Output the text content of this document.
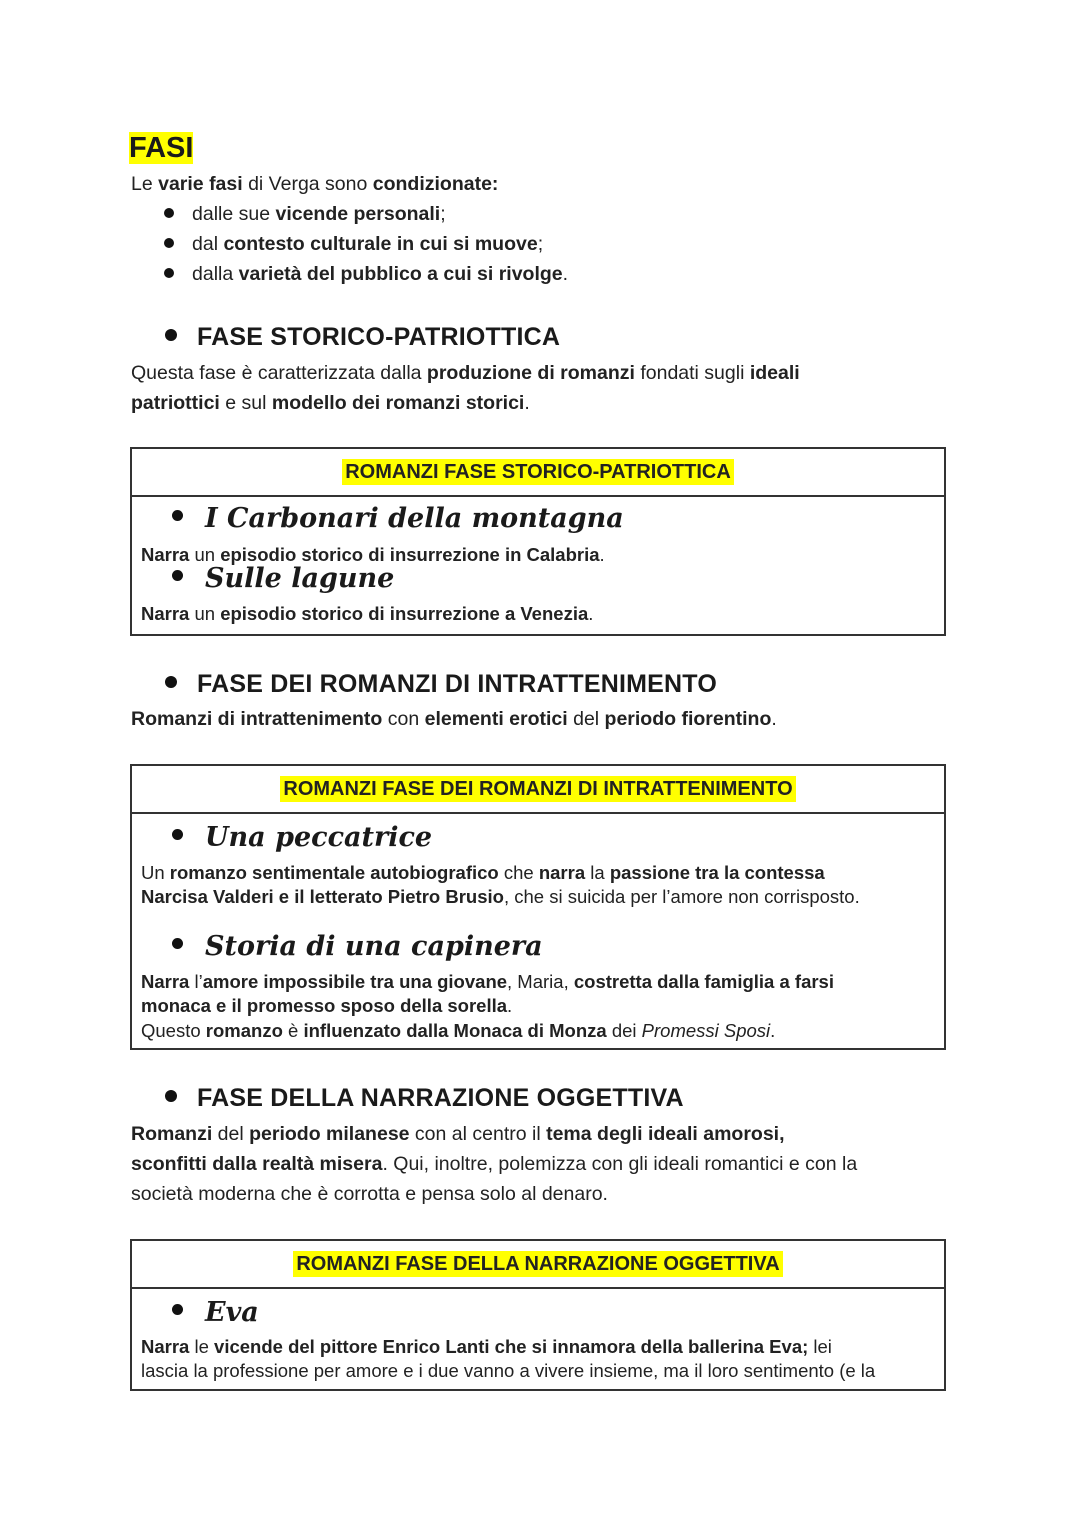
FASI
Le varie fasi di Verga sono condizionate:
dalle sue vicende personali;
dal contesto culturale in cui si muove;
dalla varietà del pubblico a cui si rivolge.
FASE STORICO-PATRIOTTICA
Questa fase è caratterizzata dalla produzione di romanzi fondati sugli ideali
patriottici e sul modello dei romanzi storici.
ROMANZI FASE STORICO-PATRIOTTICA
I Carbonari della montagna
Narra un episodio storico di insurrezione in Calabria.
Sulle lagune
Narra un episodio storico di insurrezione a Venezia.
FASE DEI ROMANZI DI INTRATTENIMENTO
Romanzi di intrattenimento con elementi erotici del periodo fiorentino.
ROMANZI FASE DEI ROMANZI DI INTRATTENIMENTO
Una peccatrice
Un romanzo sentimentale autobiografico che narra la passione tra la contessa
Narcisa Valderi e il letterato Pietro Brusio, che si suicida per l’amore non corrisposto.
Storia di una capinera
Narra l’amore impossibile tra una giovane, Maria, costretta dalla famiglia a farsi
monaca e il promesso sposo della sorella.
Questo romanzo è influenzato dalla Monaca di Monza dei Promessi Sposi.
FASE DELLA NARRAZIONE OGGETTIVA
Romanzi del periodo milanese con al centro il tema degli ideali amorosi,
sconfitti dalla realtà misera. Qui, inoltre, polemizza con gli ideali romantici e con la
società moderna che è corrotta e pensa solo al denaro.
ROMANZI FASE DELLA NARRAZIONE OGGETTIVA
Eva
Narra le vicende del pittore Enrico Lanti che si innamora della ballerina Eva; lei
lascia la professione per amore e i due vanno a vivere insieme, ma il loro sentimento (e la
